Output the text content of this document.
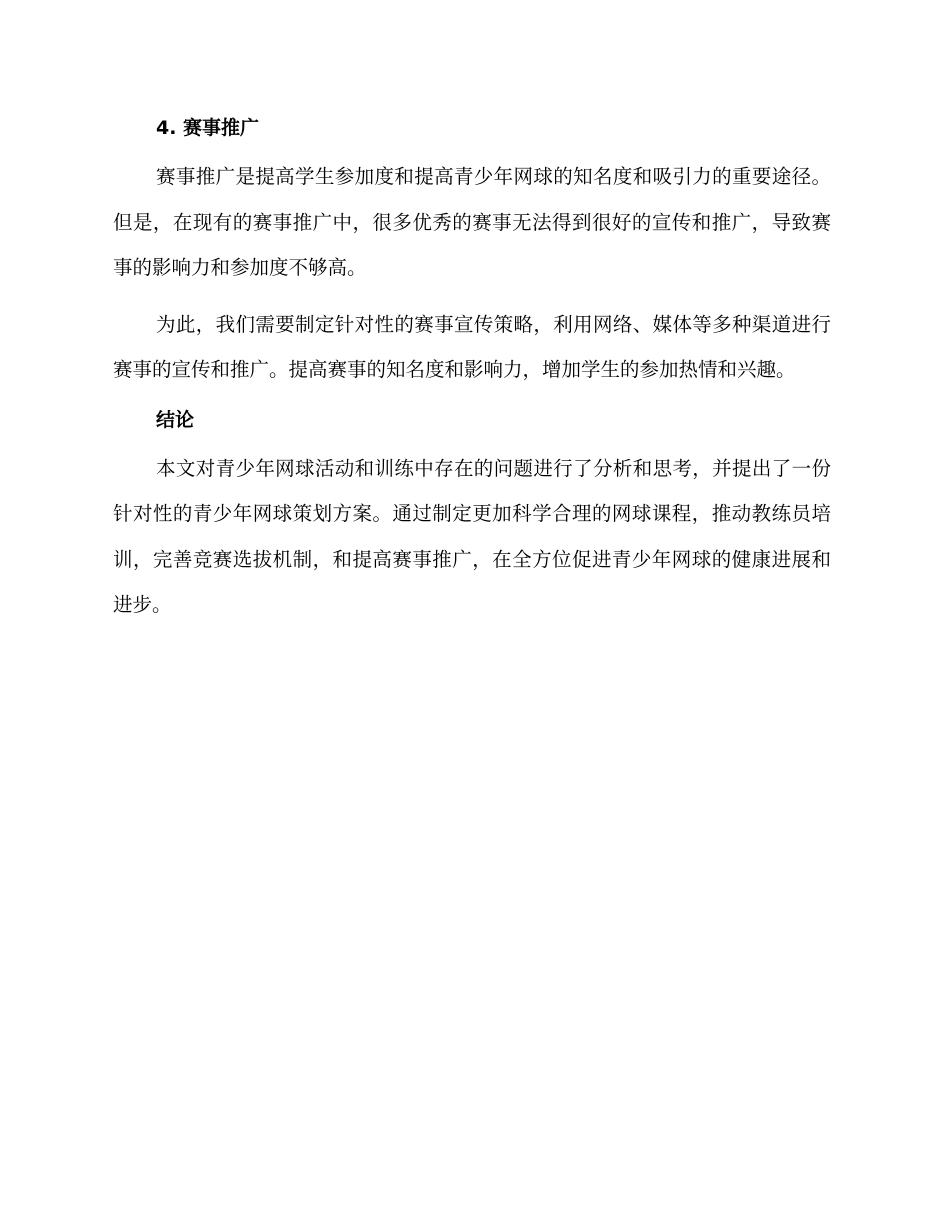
4. 赛事推广

赛事推广是提高学生参加度和提高青少年网球的知名度和吸引力的重要途径。但是，在现有的赛事推广中，很多优秀的赛事无法得到很好的宣传和推广，导致赛事的影响力和参加度不够高。

为此，我们需要制定针对性的赛事宣传策略，利用网络、媒体等多种渠道进行赛事的宣传和推广。提高赛事的知名度和影响力，增加学生的参加热情和兴趣。

结论

本文对青少年网球活动和训练中存在的问题进行了分析和思考，并提出了一份针对性的青少年网球策划方案。通过制定更加科学合理的网球课程，推动教练员培训，完善竞赛选拔机制，和提高赛事推广，在全方位促进青少年网球的健康进展和进步。
